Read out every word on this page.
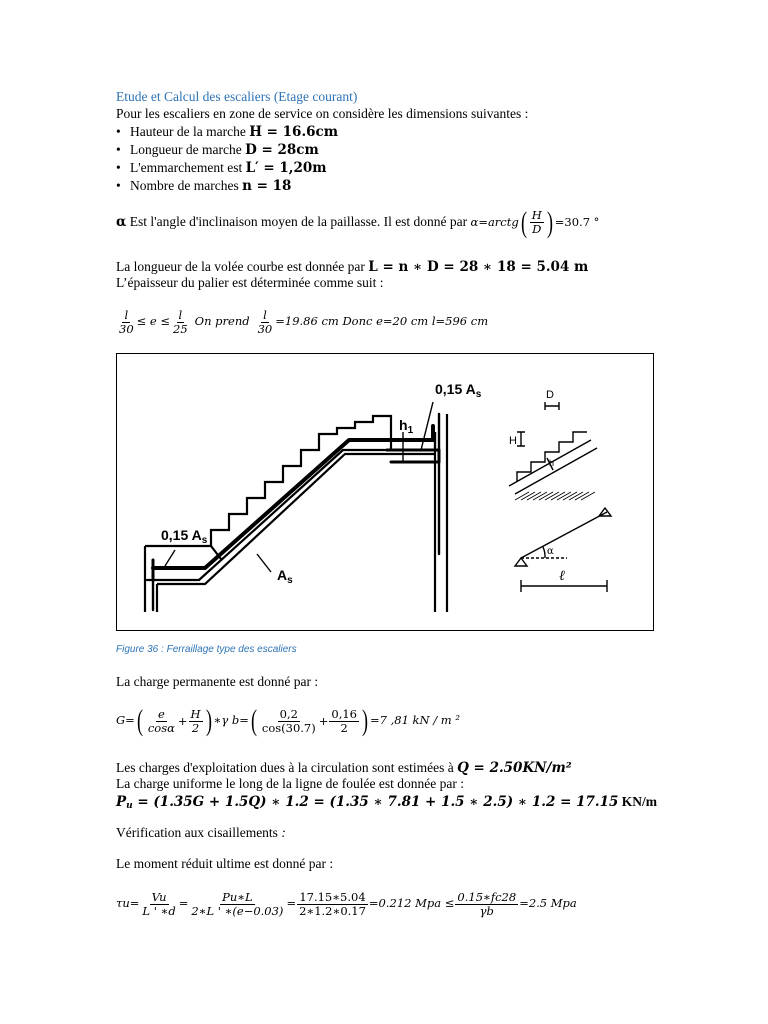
Etude et Calcul des escaliers (Etage courant)
Pour les escaliers en zone de service on considère les dimensions suivantes :
• Hauteur de la marche H = 16.6cm
• Longueur de marche D = 28cm
• L'emmarchement est L′ = 1,20m
• Nombre de marches n = 18
α Est l'angle d'inclinaison moyen de la paillasse. Il est donné par α=arctg ( $\frac{H}{D}$ ) =30.7 °
La longueur de la volée courbe est donnée par L = n ∗ D = 28 ∗ 18 = 5.04 m
L’épaisseur du palier est déterminée comme suit :
$\frac{l}{30} \le e \le \frac{l}{25}$ On prend $\frac{l}{30} =19.86$ cm Donc e=20 cm l=596 cm
0,15 $A_s$
0,15 $A_s$
$A_s$
$h_1$
D
H
h
α
ℓ
Figure 36 : Ferraillage type des escaliers
La charge permanente est donné par :
G= ( $\frac{e}{\cos\alpha} + \frac{H}{2}$ ) ∗γ b= ( $\frac{0,2}{\cos(30.7)} + \frac{0,16}{2}$ ) =7 ,81 kN / m ²
Les charges d'exploitation dues à la circulation sont estimées à Q = 2.50KN/m²
La charge uniforme le long de la ligne de foulée est donnée par :
$P_u = (1.35G + 1.5Q)$ ∗ 1.2 = (1.35 ∗ 7.81 + 1.5 ∗ 2.5) ∗ 1.2 = 17.15 KN/m
Vérification aux cisaillements :
Le moment réduit ultime est donné par :
$\tau u= \frac{Vu}{L ' ∗d} = \frac{Pu∗L}{2∗L ' ∗(e-0.03)} = \frac{17.15∗5.04}{2∗1.2∗0.17} =0.212$ Mpa ≤ $\frac{0.15∗fc28}{\gamma b} =2.5$ Mpa
